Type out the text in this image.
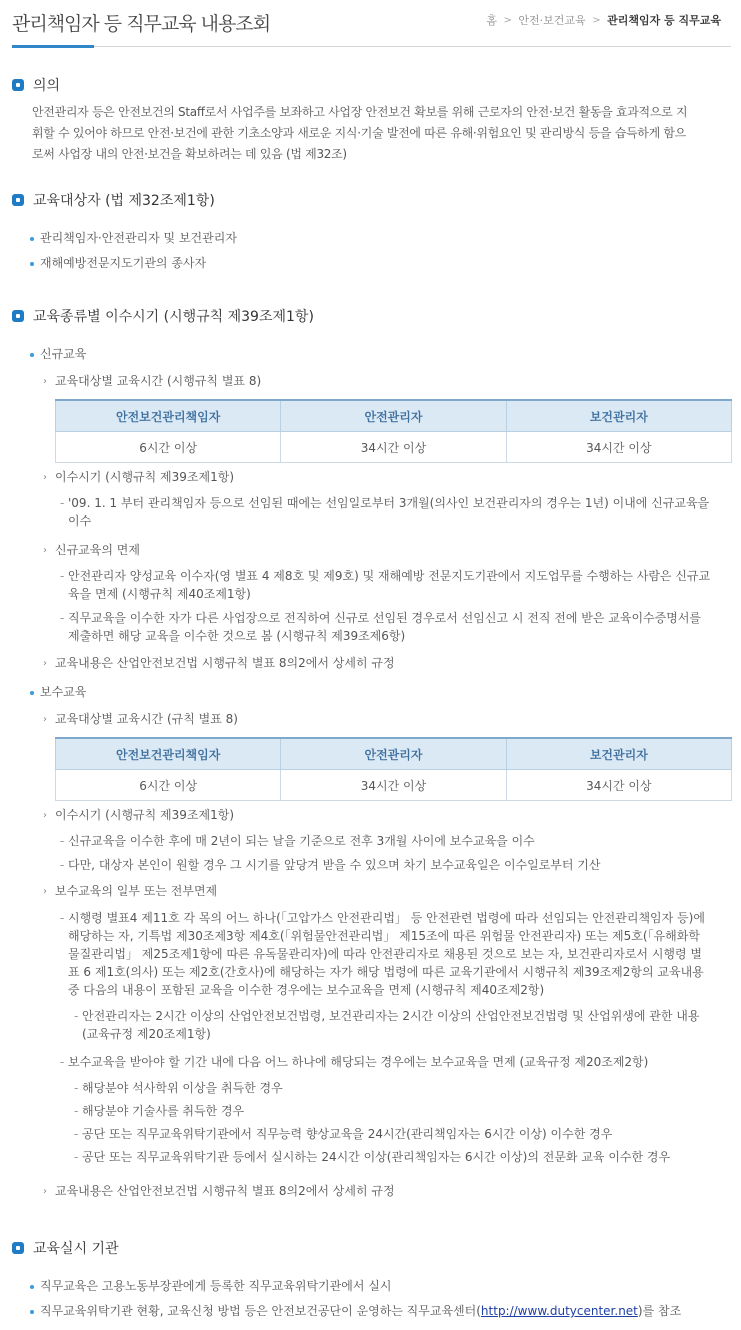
관리책임자 등 직무교육 내용조회	홈 > 안전·보건교육 > 관리책임자 등 직무교육
의의
안전관리자 등은 안전보건의 Staff로서 사업주를 보좌하고 사업장 안전보건 확보를 위해 근로자의 안전·보건 활동을 효과적으로 지
휘할 수 있어야 하므로 안전·보건에 관한 기초소양과 새로운 지식·기술 발전에 따른 유해·위험요인 및 관리방식 등을 습득하게 함으
로써 사업장 내의 안전·보건을 확보하려는 데 있음 (법 제32조)
교육대상자 (법 제32조제1항)
관리책임자·안전관리자 및 보건관리자
재해예방전문지도기관의 종사자
교육종류별 이수시기 (시행규칙 제39조제1항)
신규교육
› 교육대상별 교육시간 (시행규칙 별표 8)
안전보건관리책임자	안전관리자	보건관리자
6시간 이상	34시간 이상	34시간 이상
› 이수시기 (시행규칙 제39조제1항)
- '09. 1. 1 부터 관리책임자 등으로 선임된 때에는 선임일로부터 3개월(의사인 보건관리자의 경우는 1년) 이내에 신규교육을
이수
› 신규교육의 면제
- 안전관리자 양성교육 이수자(영 별표 4 제8호 및 제9호) 및 재해예방 전문지도기관에서 지도업무를 수행하는 사람은 신규교
육을 면제 (시행규칙 제40조제1항)
- 직무교육을 이수한 자가 다른 사업장으로 전직하여 신규로 선임된 경우로서 선임신고 시 전직 전에 받은 교육이수증명서를
제출하면 해당 교육을 이수한 것으로 봄 (시행규칙 제39조제6항)
› 교육내용은 산업안전보건법 시행규칙 별표 8의2에서 상세히 규정
보수교육
› 교육대상별 교육시간 (규칙 별표 8)
안전보건관리책임자	안전관리자	보건관리자
6시간 이상	34시간 이상	34시간 이상
› 이수시기 (시행규칙 제39조제1항)
- 신규교육을 이수한 후에 매 2년이 되는 날을 기준으로 전후 3개월 사이에 보수교육을 이수
- 다만, 대상자 본인이 원할 경우 그 시기를 앞당겨 받을 수 있으며 차기 보수교육일은 이수일로부터 기산
› 보수교육의 일부 또는 전부면제
- 시행령 별표4 제11호 각 목의 어느 하나(「고압가스 안전관리법」 등 안전관련 법령에 따라 선임되는 안전관리책임자 등)에
해당하는 자, 기특법 제30조제3항 제4호(「위험물안전관리법」 제15조에 따른 위험물 안전관리자) 또는 제5호(「유해화학
물질관리법」 제25조제1항에 따른 유독물관리자)에 따라 안전관리자로 채용된 것으로 보는 자, 보건관리자로서 시행령 별
표 6 제1호(의사) 또는 제2호(간호사)에 해당하는 자가 해당 법령에 따른 교육기관에서 시행규칙 제39조제2항의 교육내용
중 다음의 내용이 포함된 교육을 이수한 경우에는 보수교육을 면제 (시행규칙 제40조제2항)
- 안전관리자는 2시간 이상의 산업안전보건법령, 보건관리자는 2시간 이상의 산업안전보건법령 및 산업위생에 관한 내용
(교육규정 제20조제1항)
- 보수교육을 받아야 할 기간 내에 다음 어느 하나에 해당되는 경우에는 보수교육을 면제 (교육규정 제20조제2항)
- 해당분야 석사학위 이상을 취득한 경우
- 해당분야 기술사를 취득한 경우
- 공단 또는 직무교육위탁기관에서 직무능력 향상교육을 24시간(관리책임자는 6시간 이상) 이수한 경우
- 공단 또는 직무교육위탁기관 등에서 실시하는 24시간 이상(관리책임자는 6시간 이상)의 전문화 교육 이수한 경우
› 교육내용은 산업안전보건법 시행규칙 별표 8의2에서 상세히 규정
교육실시 기관
직무교육은 고용노동부장관에게 등록한 직무교육위탁기관에서 실시
직무교육위탁기관 현황, 교육신청 방법 등은 안전보건공단이 운영하는 직무교육센터(http://www.dutycenter.net)를 참조
